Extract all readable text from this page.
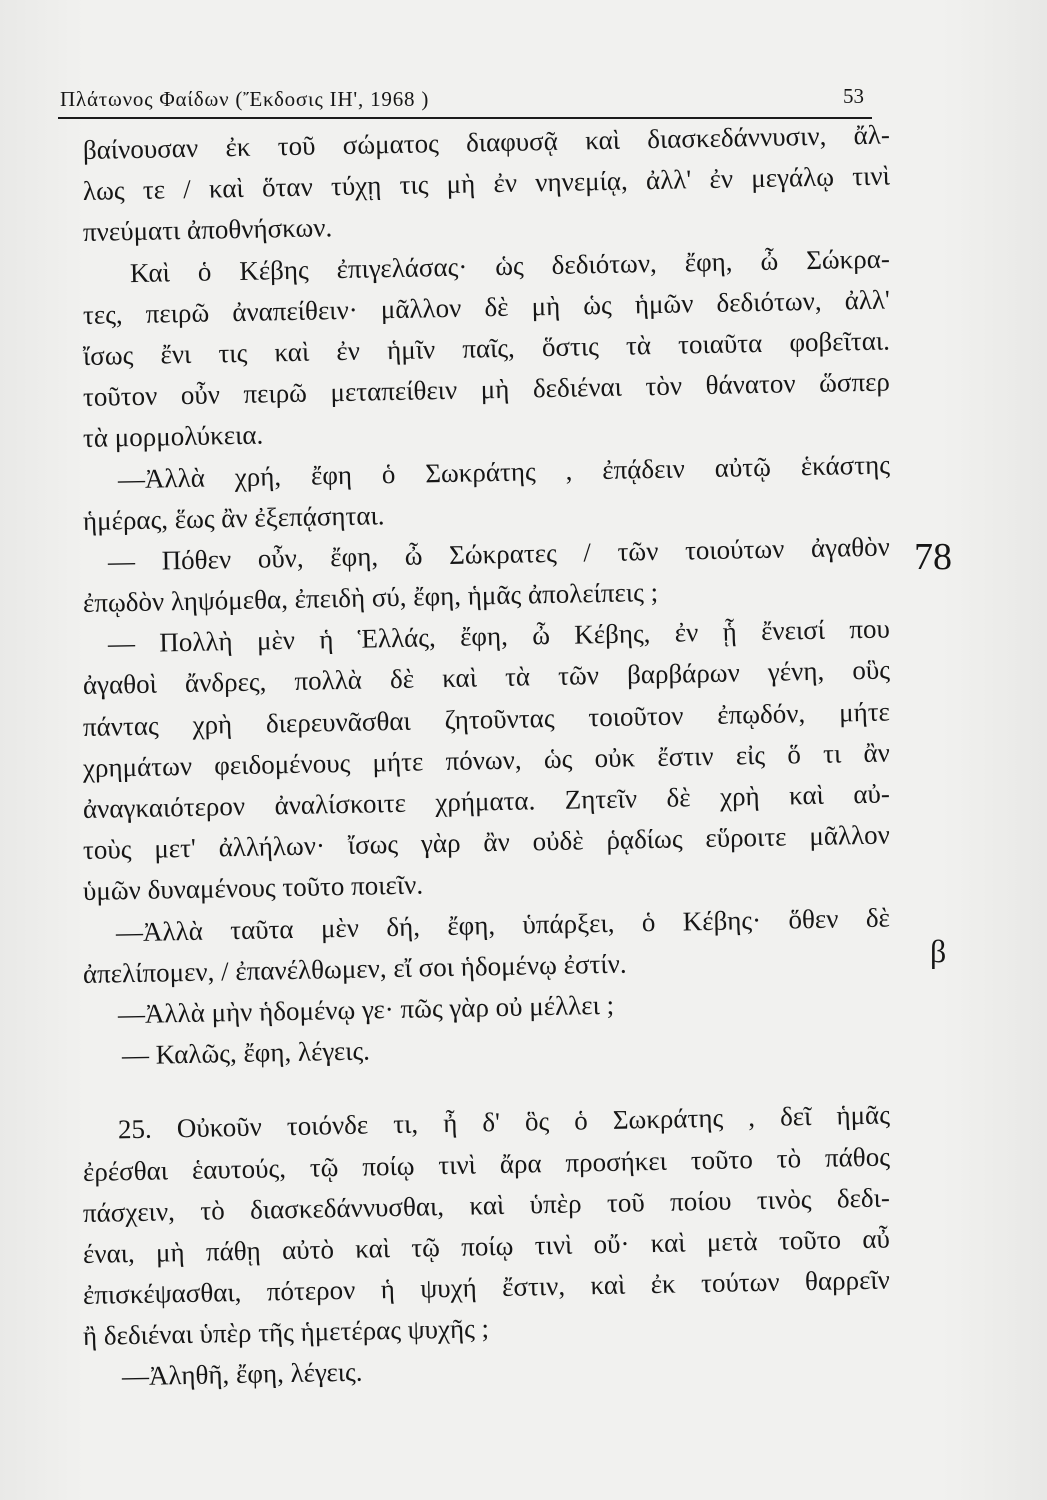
Πλάτωνος Φαίδων (Ἔκδοσις ΙΗ', 1968 )	53
βαίνουσαν ἐκ τοῦ σώματος διαφυσᾷ καὶ διασκεδάννυσιν, ἄλ-
λως τε / καὶ ὅταν τύχῃ τις μὴ ἐν νηνεμίᾳ, ἀλλ' ἐν μεγάλῳ τινὶ
πνεύματι ἀποθνήσκων.
Καὶ ὁ Κέβης ἐπιγελάσας· ὡς δεδιότων, ἔφη, ὦ Σώκρα-
τες, πειρῶ ἀναπείθειν· μᾶλλον δὲ μὴ ὡς ἡμῶν δεδιότων, ἀλλ'
ἴσως ἔνι τις καὶ ἐν ἡμῖν παῖς, ὅστις τὰ τοιαῦτα φοβεῖται.
τοῦτον οὖν πειρῶ μεταπείθειν μὴ δεδιέναι τὸν θάνατον ὥσπερ
τὰ μορμολύκεια.
—Ἀλλὰ χρή, ἔφη ὁ Σωκράτης , ἐπᾴδειν αὐτῷ ἑκάστης
ἡμέρας, ἕως ἂν ἐξεπᾴσηται.
— Πόθεν οὖν, ἔφη, ὦ Σώκρατες / τῶν τοιούτων ἀγαθὸν
ἐπῳδὸν ληψόμεθα, ἐπειδὴ σύ, ἔφη, ἡμᾶς ἀπολείπεις ;
— Πολλὴ μὲν ἡ Ἑλλάς, ἔφη, ὦ Κέβης, ἐν ᾗ ἔνεισί που
ἀγαθοὶ ἄνδρες, πολλὰ δὲ καὶ τὰ τῶν βαρβάρων γένη, οὓς
πάντας χρὴ διερευνᾶσθαι ζητοῦντας τοιοῦτον ἐπῳδόν, μήτε
χρημάτων φειδομένους μήτε πόνων, ὡς οὐκ ἔστιν εἰς ὅ τι ἂν
ἀναγκαιότερον ἀναλίσκοιτε χρήματα. Ζητεῖν δὲ χρὴ καὶ αὐ-
τοὺς μετ' ἀλλήλων· ἴσως γὰρ ἂν οὐδὲ ῥᾳδίως εὕροιτε μᾶλλον
ὑμῶν δυναμένους τοῦτο ποιεῖν.
—Ἀλλὰ ταῦτα μὲν δή, ἔφη, ὑπάρξει, ὁ Κέβης· ὅθεν δὲ
ἀπελίπομεν, / ἐπανέλθωμεν, εἴ σοι ἡδομένῳ ἐστίν.
—Ἀλλὰ μὴν ἡδομένῳ γε· πῶς γὰρ οὐ μέλλει ;
— Καλῶς, ἔφη, λέγεις.
25. Οὐκοῦν τοιόνδε τι, ἦ δ' ὃς ὁ Σωκράτης , δεῖ ἡμᾶς
ἐρέσθαι ἑαυτούς, τῷ ποίῳ τινὶ ἄρα προσήκει τοῦτο τὸ πάθος
πάσχειν, τὸ διασκεδάννυσθαι, καὶ ὑπὲρ τοῦ ποίου τινὸς δεδι-
έναι, μὴ πάθῃ αὐτὸ καὶ τῷ ποίῳ τινὶ οὔ· καὶ μετὰ τοῦτο αὖ
ἐπισκέψασθαι, πότερον ἡ ψυχή ἔστιν, καὶ ἐκ τούτων θαρρεῖν
ἢ δεδιέναι ὑπὲρ τῆς ἡμετέρας ψυχῆς ;
—Ἀληθῆ, ἔφη, λέγεις.
78
β
